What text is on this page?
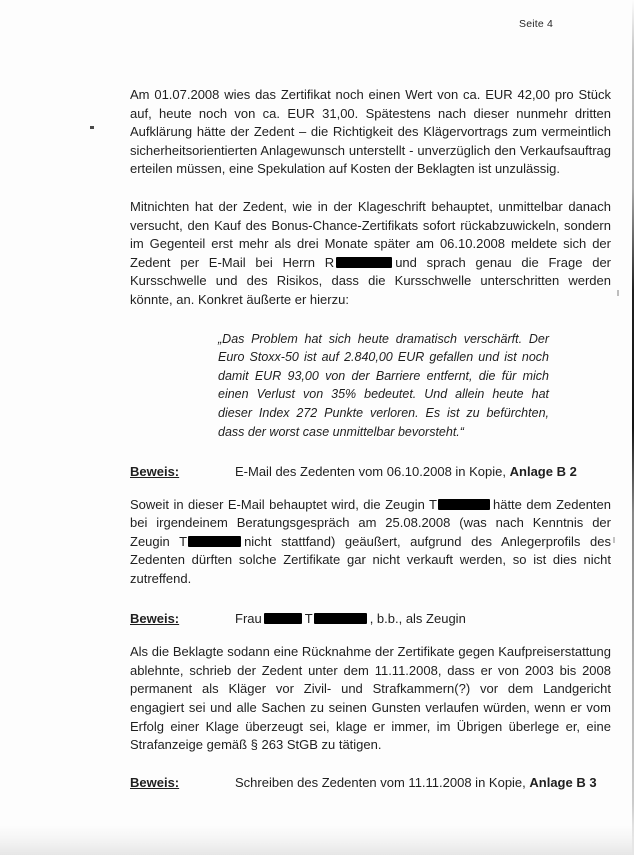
Seite 4

Am 01.07.2008 wies das Zertifikat noch einen Wert von ca. EUR 42,00 pro Stück auf, heute noch von ca. EUR 31,00. Spätestens nach dieser nunmehr dritten Aufklärung hätte der Zedent – die Richtigkeit des Klägervortrags zum vermeintlich sicherheitsorientierten Anlagewunsch unterstellt - unverzüglich den Verkaufsauftrag erteilen müssen, eine Spekulation auf Kosten der Beklagten ist unzulässig.

Mitnichten hat der Zedent, wie in der Klageschrift behauptet, unmittelbar danach versucht, den Kauf des Bonus-Chance-Zertifikats sofort rückabzuwickeln, sondern im Gegenteil erst mehr als drei Monate später am 06.10.2008 meldete sich der Zedent per E-Mail bei Herrn R	und sprach genau die Frage der Kursschwelle und des Risikos, dass die Kursschwelle unterschritten werden könnte, an. Konkret äußerte er hierzu:

„Das Problem hat sich heute dramatisch verschärft. Der Euro Stoxx-50 ist auf 2.840,00 EUR gefallen und ist noch damit EUR 93,00 von der Barriere entfernt, die für mich einen Verlust von 35% bedeutet. Und allein heute hat dieser Index 272 Punkte verloren. Es ist zu befürchten, dass der worst case unmittelbar bevorsteht.“

Beweis:	E-Mail des Zedenten vom 06.10.2008 in Kopie, Anlage B 2

Soweit in dieser E-Mail behauptet wird, die Zeugin T	hätte dem Zedenten bei irgendeinem Beratungsgespräch am 25.08.2008 (was nach Kenntnis der Zeugin T	nicht stattfand) geäußert, aufgrund des Anlegerprofils des Zedenten dürften solche Zertifikate gar nicht verkauft werden, so ist dies nicht zutreffend.

Beweis:	Frau	T	, b.b., als Zeugin

Als die Beklagte sodann eine Rücknahme der Zertifikate gegen Kaufpreiserstattung ablehnte, schrieb der Zedent unter dem 11.11.2008, dass er von 2003 bis 2008 permanent als Kläger vor Zivil- und Strafkammern(?) vor dem Landgericht engagiert sei und alle Sachen zu seinen Gunsten verlaufen würden, wenn er vom Erfolg einer Klage überzeugt sei, klage er immer, im Übrigen überlege er, eine Strafanzeige gemäß § 263 StGB zu tätigen.

Beweis:	Schreiben des Zedenten vom 11.11.2008 in Kopie, Anlage B 3
